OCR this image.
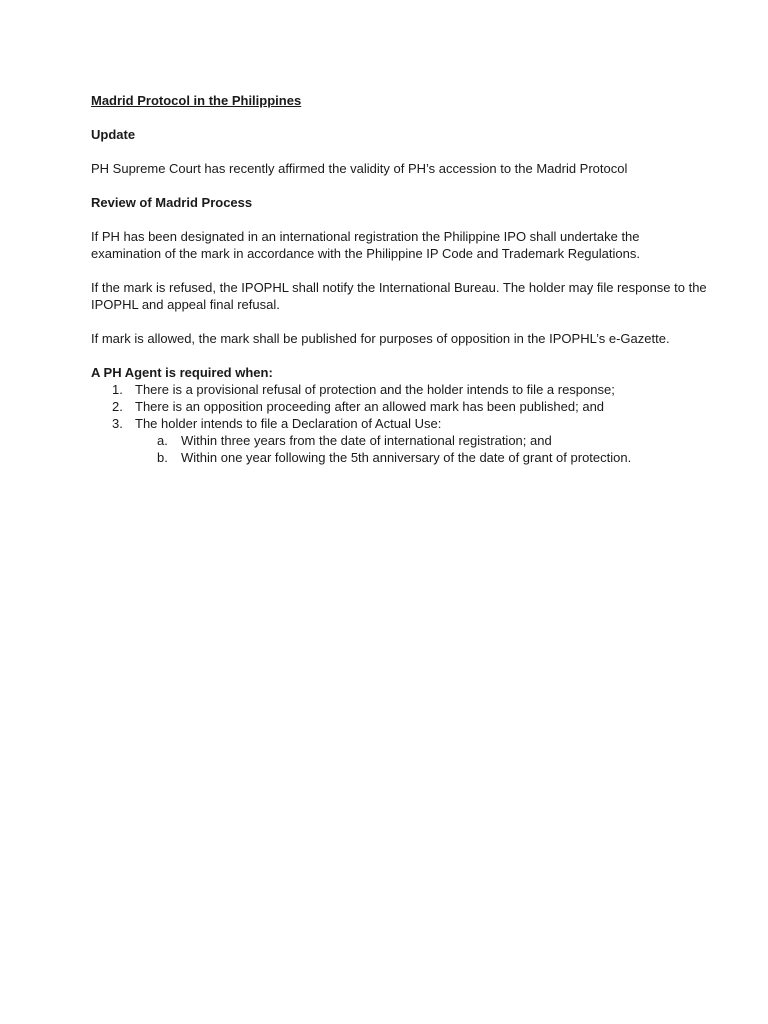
Madrid Protocol in the Philippines
Update
PH Supreme Court has recently affirmed the validity of PH’s accession to the Madrid Protocol
Review of Madrid Process
If PH has been designated in an international registration the Philippine IPO shall undertake the examination of the mark in accordance with the Philippine IP Code and Trademark Regulations.
If the mark is refused, the IPOPHL shall notify the International Bureau. The holder may file response to the IPOPHL and appeal final refusal.
If mark is allowed, the mark shall be published for purposes of opposition in the IPOPHL’s e-Gazette.
A PH Agent is required when:
1. There is a provisional refusal of protection and the holder intends to file a response;
2. There is an opposition proceeding after an allowed mark has been published; and
3. The holder intends to file a Declaration of Actual Use:
a. Within three years from the date of international registration; and
b. Within one year following the 5th anniversary of the date of grant of protection.
